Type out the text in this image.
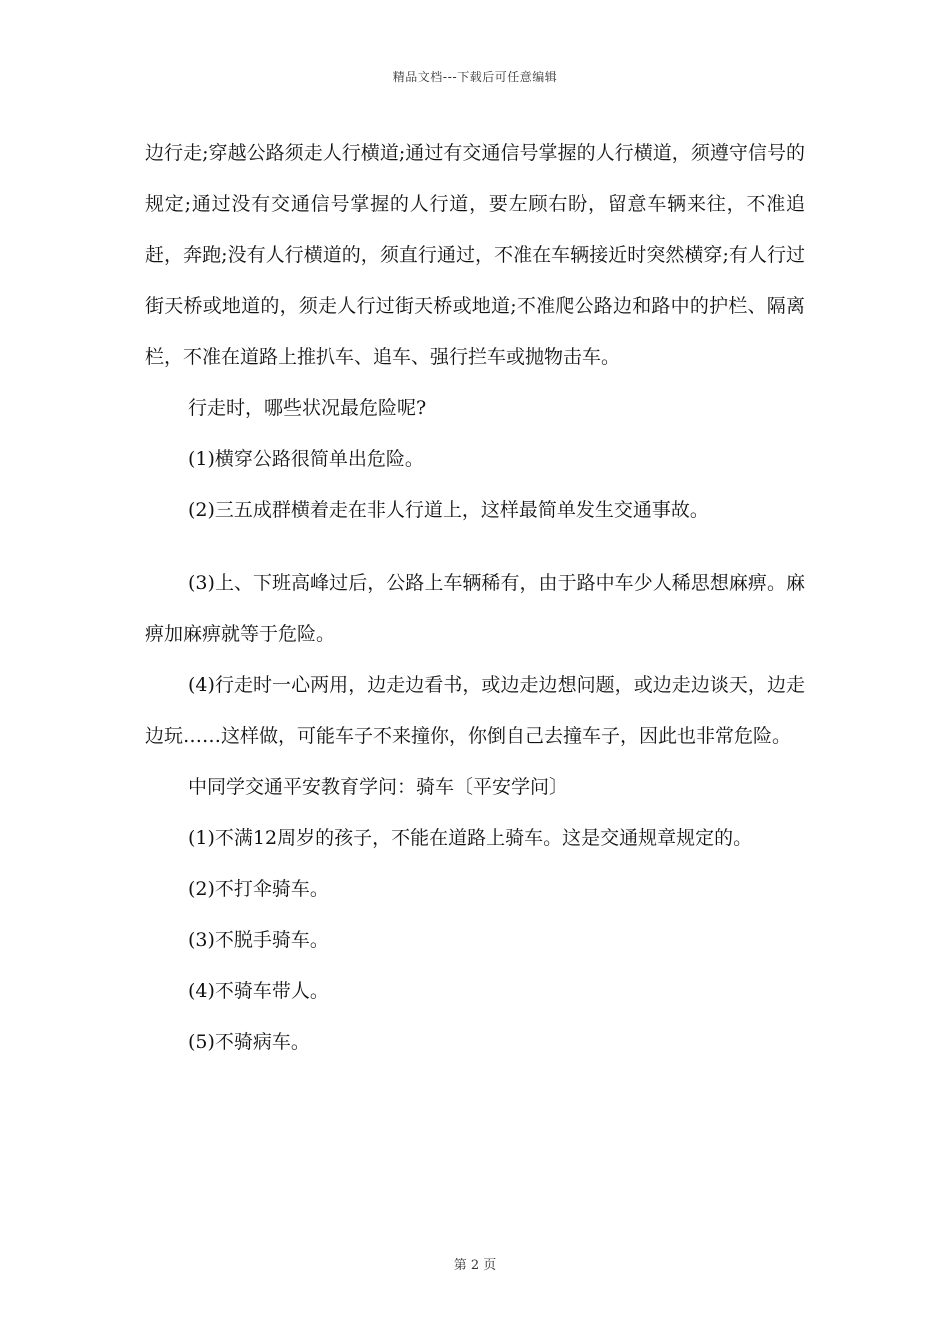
精品文档---下载后可任意编辑

边行走;穿越公路须走人行横道;通过有交通信号掌握的人行横道，须遵守信号的规定;通过没有交通信号掌握的人行道，要左顾右盼，留意车辆来往，不准追赶，奔跑;没有人行横道的，须直行通过，不准在车辆接近时突然横穿;有人行过街天桥或地道的，须走人行过街天桥或地道;不准爬公路边和路中的护栏、隔离栏，不准在道路上推扒车、追车、强行拦车或抛物击车。

行走时，哪些状况最危险呢?

(1)横穿公路很简单出危险。

(2)三五成群横着走在非人行道上，这样最简单发生交通事故。

(3)上、下班高峰过后，公路上车辆稀有，由于路中车少人稀思想麻痹。麻痹加麻痹就等于危险。

(4)行走时一心两用，边走边看书，或边走边想问题，或边走边谈天，边走边玩……这样做，可能车子不来撞你，你倒自己去撞车子，因此也非常危险。

中同学交通平安教育学问：骑车〔平安学问〕

(1)不满12周岁的孩子，不能在道路上骑车。这是交通规章规定的。

(2)不打伞骑车。

(3)不脱手骑车。

(4)不骑车带人。

(5)不骑病车。

第 2 页
